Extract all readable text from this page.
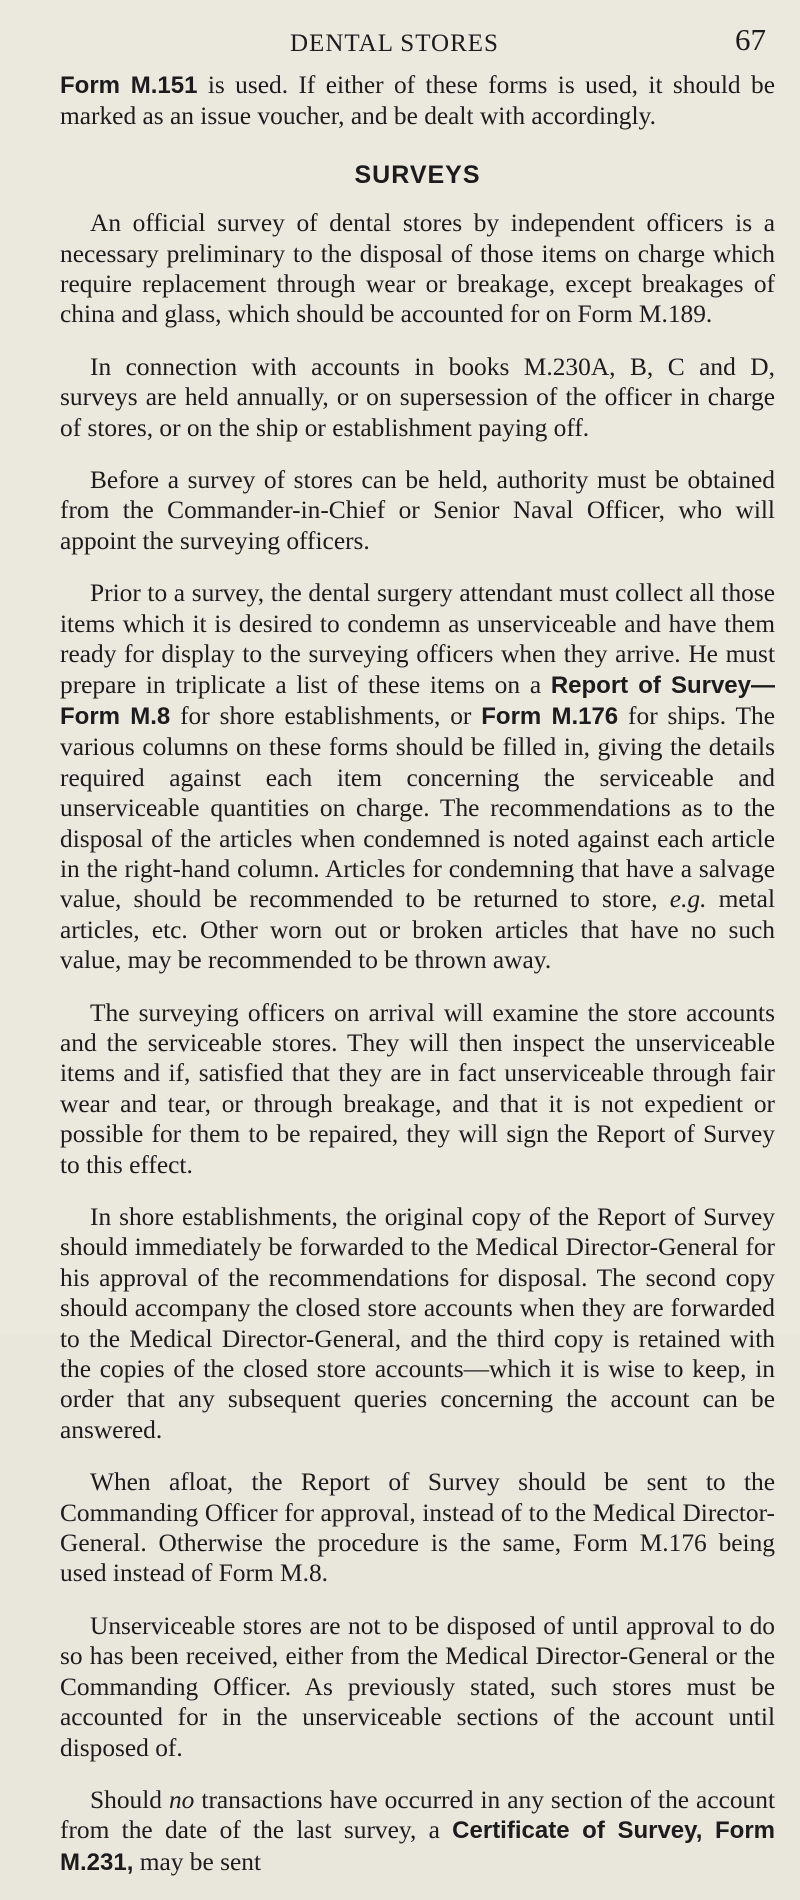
DENTAL STORES	67

Form M.151 is used. If either of these forms is used, it should be marked as an issue voucher, and be dealt with accordingly.

SURVEYS

An official survey of dental stores by independent officers is a necessary preliminary to the disposal of those items on charge which require replacement through wear or breakage, except breakages of china and glass, which should be accounted for on Form M.189.

In connection with accounts in books M.230A, B, C and D, surveys are held annually, or on supersession of the officer in charge of stores, or on the ship or establishment paying off.

Before a survey of stores can be held, authority must be obtained from the Commander-in-Chief or Senior Naval Officer, who will appoint the surveying officers.

Prior to a survey, the dental surgery attendant must collect all those items which it is desired to condemn as unserviceable and have them ready for display to the surveying officers when they arrive. He must prepare in triplicate a list of these items on a Report of Survey—Form M.8 for shore establishments, or Form M.176 for ships. The various columns on these forms should be filled in, giving the details required against each item concerning the serviceable and unserviceable quantities on charge. The recommendations as to the disposal of the articles when condemned is noted against each article in the right-hand column. Articles for condemning that have a salvage value, should be recommended to be returned to store, e.g. metal articles, etc. Other worn out or broken articles that have no such value, may be recommended to be thrown away.

The surveying officers on arrival will examine the store accounts and the serviceable stores. They will then inspect the unserviceable items and if, satisfied that they are in fact unserviceable through fair wear and tear, or through breakage, and that it is not expedient or possible for them to be repaired, they will sign the Report of Survey to this effect.

In shore establishments, the original copy of the Report of Survey should immediately be forwarded to the Medical Director-General for his approval of the recommendations for disposal. The second copy should accompany the closed store accounts when they are forwarded to the Medical Director-General, and the third copy is retained with the copies of the closed store accounts—which it is wise to keep, in order that any subsequent queries concerning the account can be answered.

When afloat, the Report of Survey should be sent to the Commanding Officer for approval, instead of to the Medical Director-General. Otherwise the procedure is the same, Form M.176 being used instead of Form M.8.

Unserviceable stores are not to be disposed of until approval to do so has been received, either from the Medical Director-General or the Commanding Officer. As previously stated, such stores must be accounted for in the unserviceable sections of the account until disposed of.

Should no transactions have occurred in any section of the account from the date of the last survey, a Certificate of Survey, Form M.231, may be sent
